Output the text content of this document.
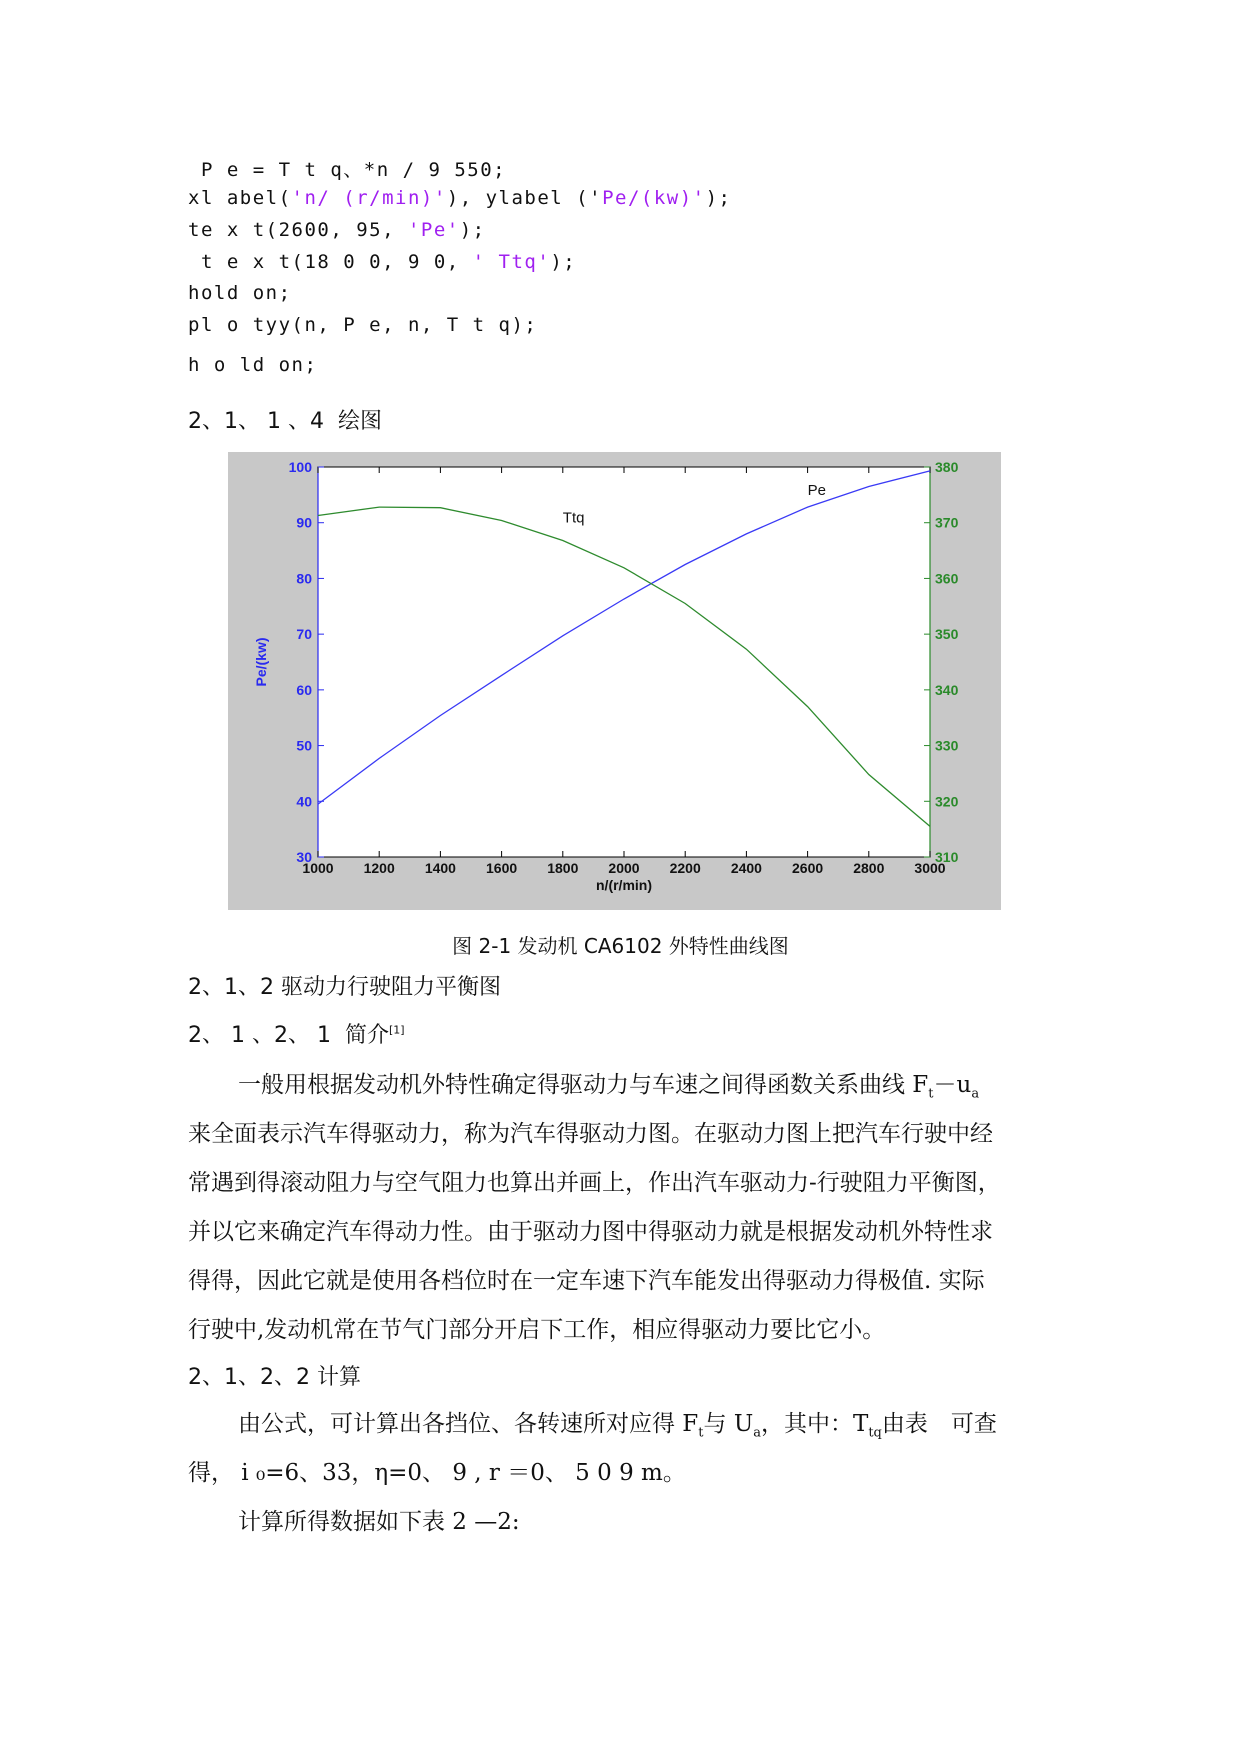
P e = T t q、*n / 9 550;
xl abel('n/ (r/min)'), ylabel ('Pe/(kw)');
te x t(2600, 95, 'Pe');
t e x t(18 0 0, 9 0, ' Ttq');
hold on;
pl o tyy(n, P e, n, T t q);
h o ld on;
2、1、 1 、4  绘图
1000 1200 1400 1600 1800 2000 2200 2400 2600 2800 3000
30
40
50
60
70
80
90
100
310
320
330
340
350
360
370
380
Pe
Ttq
n/(r/min)
Pe/(kw)
图 2-1 发动机 CA6102 外特性曲线图
2、1、2 驱动力行驶阻力平衡图
2、 1 、2、 1  简介[1]
一般用根据发动机外特性确定得驱动力与车速之间得函数关系曲线 $F_t-u_a$
来全面表示汽车得驱动力，称为汽车得驱动力图。在驱动力图上把汽车行驶中经
常遇到得滚动阻力与空气阻力也算出并画上，作出汽车驱动力-行驶阻力平衡图，
并以它来确定汽车得动力性。由于驱动力图中得驱动力就是根据发动机外特性求
得得，因此它就是使用各档位时在一定车速下汽车能发出得驱动力得极值. 实际
行驶中,发动机常在节气门部分开启下工作，相应得驱动力要比它小。
2、1、2、2 计算
由公式，可计算出各挡位、各转速所对应得 $F_t$与 $U_a$，其中：$T_{tq}$由表　可查
得， i ₀=6、33，η=0、 9 , r ＝0、 5 0 9 m。
计算所得数据如下表 2 —2:
